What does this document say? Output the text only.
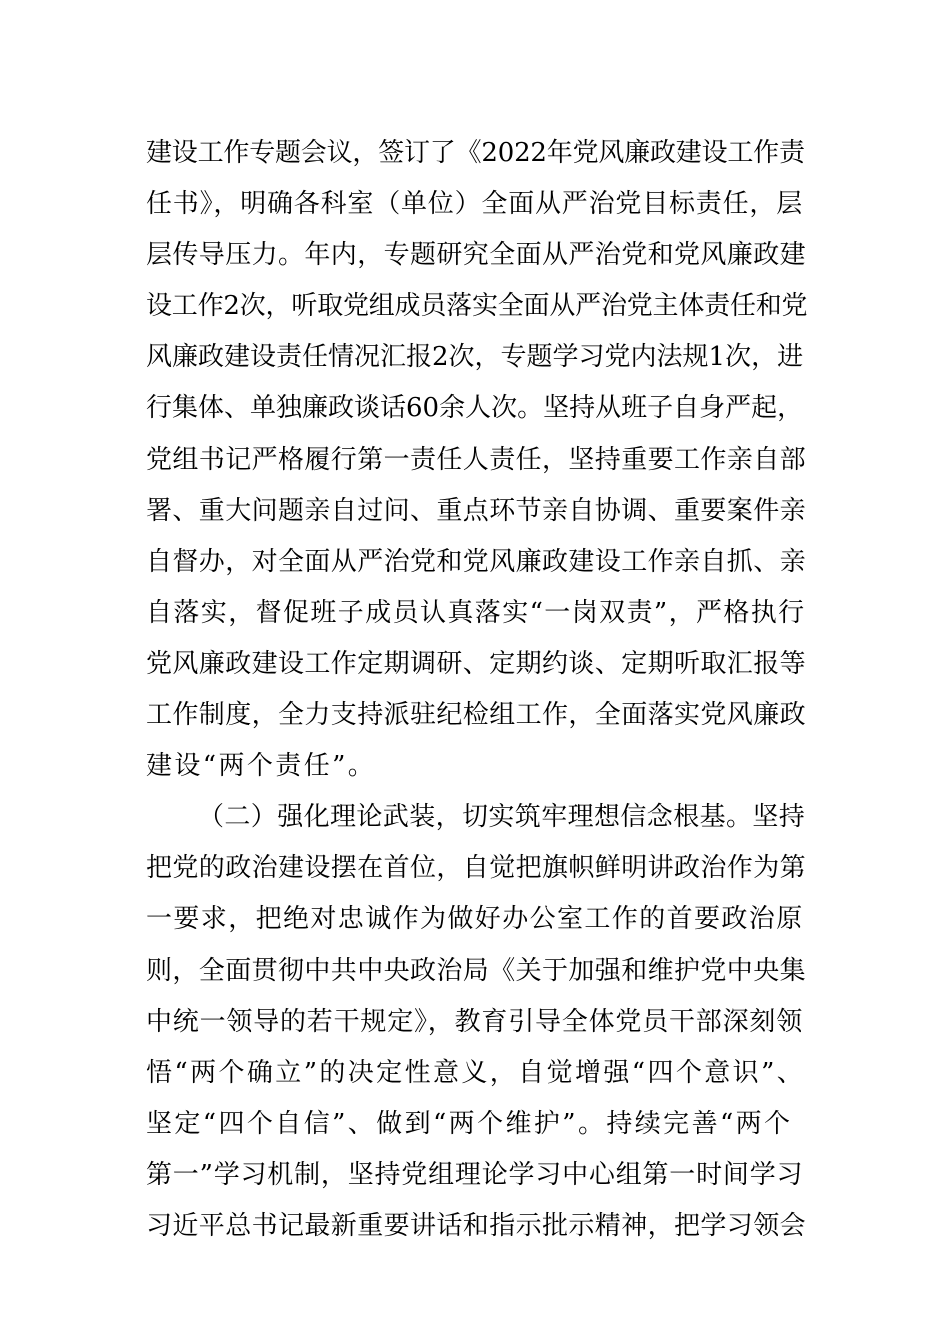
建设工作专题会议，签订了《2022年党风廉政建设工作责
任书》，明确各科室（单位）全面从严治党目标责任，层
层传导压力。年内，专题研究全面从严治党和党风廉政建
设工作2次，听取党组成员落实全面从严治党主体责任和党
风廉政建设责任情况汇报2次，专题学习党内法规1次，进
行集体、单独廉政谈话60余人次。坚持从班子自身严起，
党组书记严格履行第一责任人责任，坚持重要工作亲自部
署、重大问题亲自过问、重点环节亲自协调、重要案件亲
自督办，对全面从严治党和党风廉政建设工作亲自抓、亲
自落实，督促班子成员认真落实“一岗双责”，严格执行
党风廉政建设工作定期调研、定期约谈、定期听取汇报等
工作制度，全力支持派驻纪检组工作，全面落实党风廉政
建设“两个责任”。
（二）强化理论武装，切实筑牢理想信念根基。坚持
把党的政治建设摆在首位，自觉把旗帜鲜明讲政治作为第
一要求，把绝对忠诚作为做好办公室工作的首要政治原
则，全面贯彻中共中央政治局《关于加强和维护党中央集
中统一领导的若干规定》，教育引导全体党员干部深刻领
悟“两个确立”的决定性意义，自觉增强“四个意识”、
坚定“四个自信”、做到“两个维护”。持续完善“两个
第一”学习机制，坚持党组理论学习中心组第一时间学习
习近平总书记最新重要讲话和指示批示精神，把学习领会
